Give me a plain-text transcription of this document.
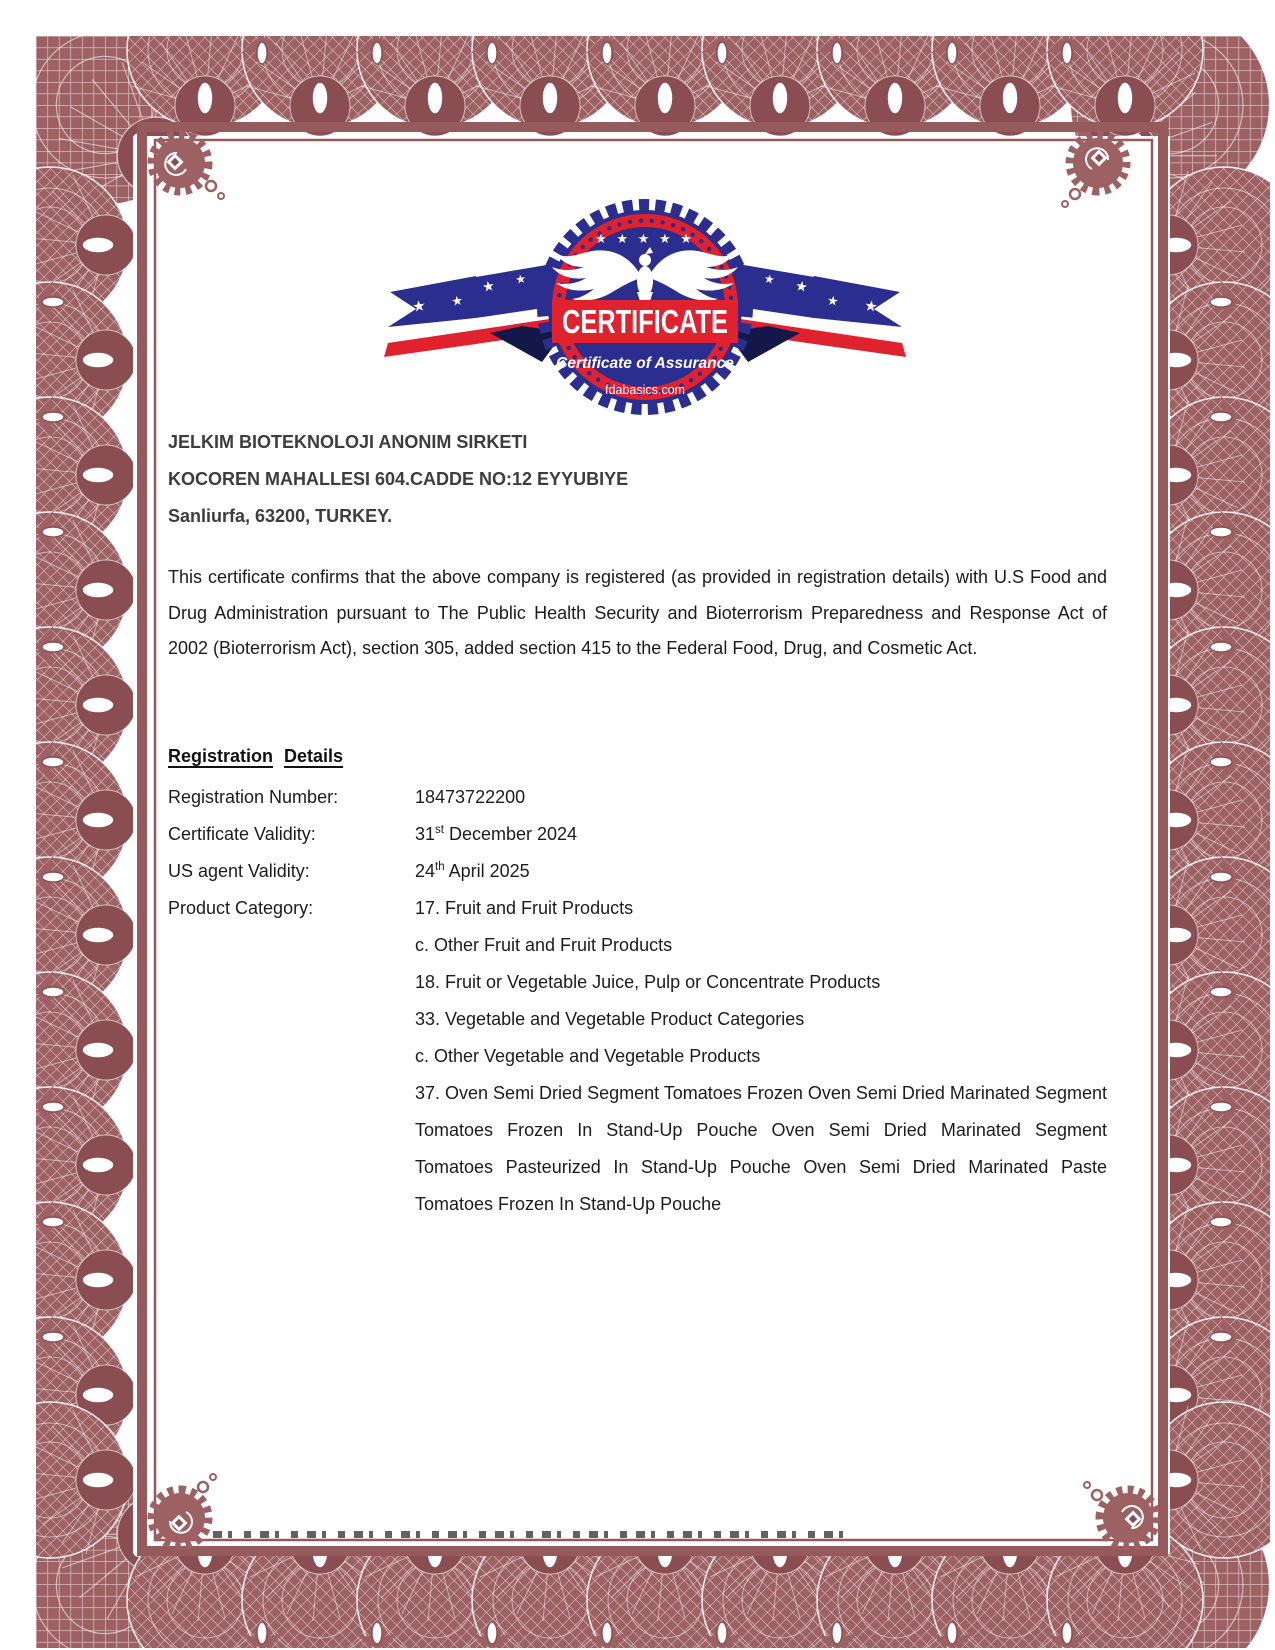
★ ★ ★ ★ ★
CERTIFICATE
Certificate of Assurance
fdabasics.com
JELKIM BIOTEKNOLOJI ANONIM SIRKETI
KOCOREN MAHALLESI 604.CADDE NO:12 EYYUBIYE
Sanliurfa, 63200, TURKEY.
This certificate confirms that the above company is registered (as provided in registration details) with U.S Food and Drug Administration pursuant to The Public Health Security and Bioterrorism Preparedness and Response Act of 2002 (Bioterrorism Act), section 305, added section 415 to the Federal Food, Drug, and Cosmetic Act.
Registration Details
Registration Number:	18473722200
Certificate Validity:	31st December 2024
US agent Validity:	24th April 2025
Product Category:	17. Fruit and Fruit Products
c. Other Fruit and Fruit Products
18. Fruit or Vegetable Juice, Pulp or Concentrate Products
33. Vegetable and Vegetable Product Categories
c. Other Vegetable and Vegetable Products
37. Oven Semi Dried Segment Tomatoes Frozen Oven Semi Dried Marinated Segment Tomatoes Frozen In Stand-Up Pouche Oven Semi Dried Marinated Segment Tomatoes Pasteurized In Stand-Up Pouche Oven Semi Dried Marinated Paste Tomatoes Frozen In Stand-Up Pouche
